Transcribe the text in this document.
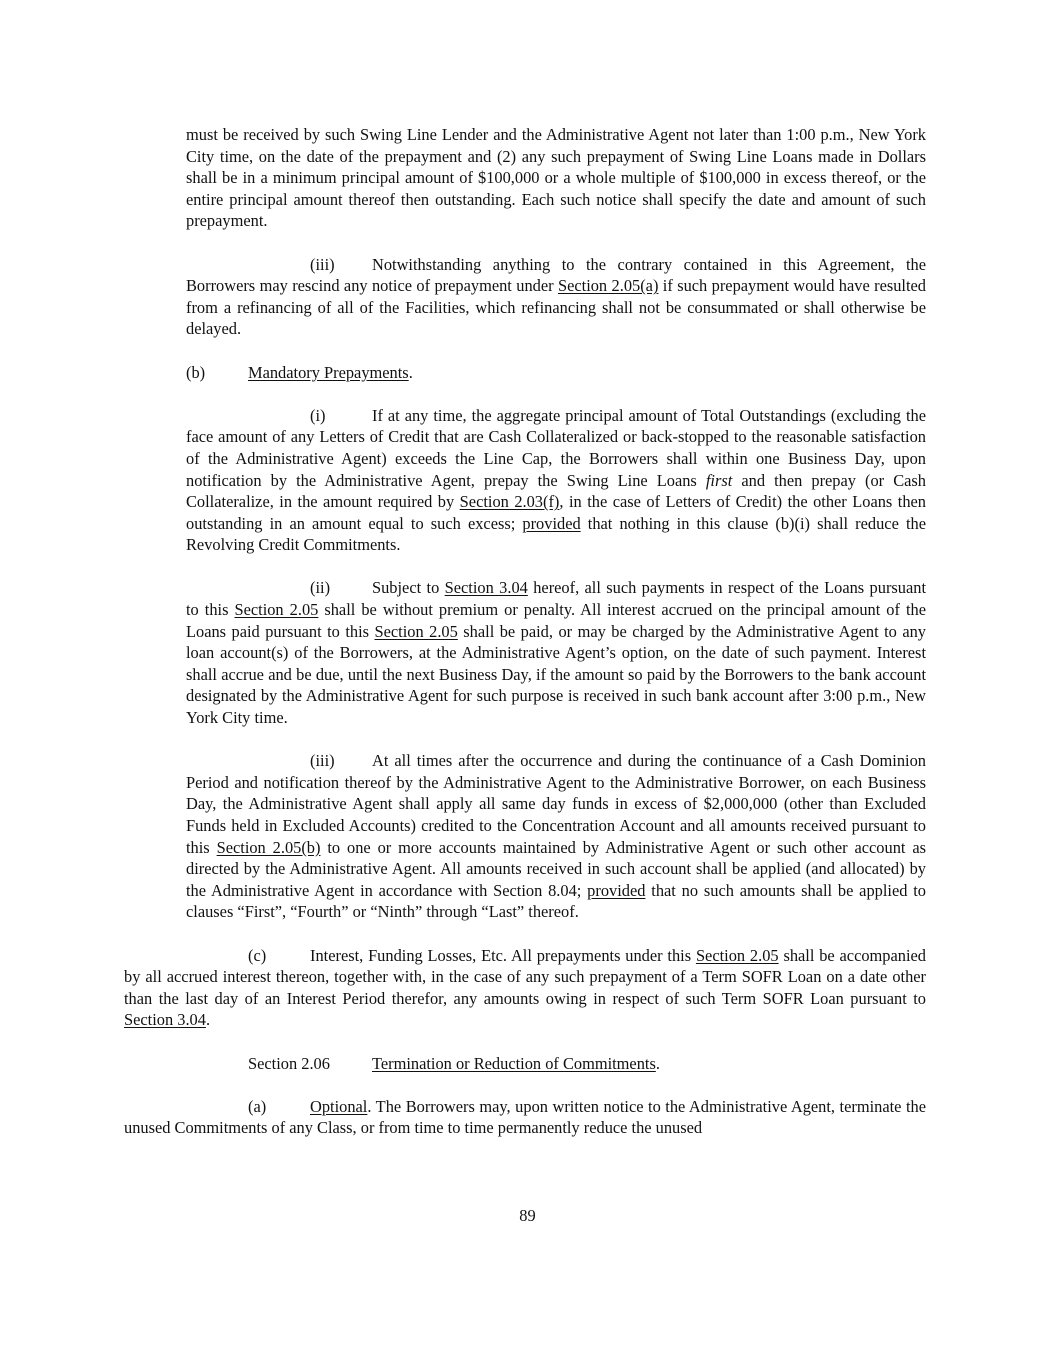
must be received by such Swing Line Lender and the Administrative Agent not later than 1:00 p.m., New York City time, on the date of the prepayment and (2) any such prepayment of Swing Line Loans made in Dollars shall be in a minimum principal amount of $100,000 or a whole multiple of $100,000 in excess thereof, or the entire principal amount thereof then outstanding. Each such notice shall specify the date and amount of such prepayment.

(iii) Notwithstanding anything to the contrary contained in this Agreement, the Borrowers may rescind any notice of prepayment under Section 2.05(a) if such prepayment would have resulted from a refinancing of all of the Facilities, which refinancing shall not be consummated or shall otherwise be delayed.

(b)	Mandatory Prepayments.

(i)	If at any time, the aggregate principal amount of Total Outstandings (excluding the face amount of any Letters of Credit that are Cash Collateralized or back-stopped to the reasonable satisfaction of the Administrative Agent) exceeds the Line Cap, the Borrowers shall within one Business Day, upon notification by the Administrative Agent, prepay the Swing Line Loans first and then prepay (or Cash Collateralize, in the amount required by Section 2.03(f), in the case of Letters of Credit) the other Loans then outstanding in an amount equal to such excess; provided that nothing in this clause (b)(i) shall reduce the Revolving Credit Commitments.

(ii)	Subject to Section 3.04 hereof, all such payments in respect of the Loans pursuant to this Section 2.05 shall be without premium or penalty. All interest accrued on the principal amount of the Loans paid pursuant to this Section 2.05 shall be paid, or may be charged by the Administrative Agent to any loan account(s) of the Borrowers, at the Administrative Agent’s option, on the date of such payment. Interest shall accrue and be due, until the next Business Day, if the amount so paid by the Borrowers to the bank account designated by the Administrative Agent for such purpose is received in such bank account after 3:00 p.m., New York City time.

(iii) At all times after the occurrence and during the continuance of a Cash Dominion Period and notification thereof by the Administrative Agent to the Administrative Borrower, on each Business Day, the Administrative Agent shall apply all same day funds in excess of $2,000,000 (other than Excluded Funds held in Excluded Accounts) credited to the Concentration Account and all amounts received pursuant to this Section 2.05(b) to one or more accounts maintained by Administrative Agent or such other account as directed by the Administrative Agent. All amounts received in such account shall be applied (and allocated) by the Administrative Agent in accordance with Section 8.04; provided that no such amounts shall be applied to clauses “First”, “Fourth” or “Ninth” through “Last” thereof.

(c)	Interest, Funding Losses, Etc. All prepayments under this Section 2.05 shall be accompanied by all accrued interest thereon, together with, in the case of any such prepayment of a Term SOFR Loan on a date other than the last day of an Interest Period therefor, any amounts owing in respect of such Term SOFR Loan pursuant to Section 3.04.

Section 2.06	Termination or Reduction of Commitments.

(a)	Optional. The Borrowers may, upon written notice to the Administrative Agent, terminate the unused Commitments of any Class, or from time to time permanently reduce the unused

89
